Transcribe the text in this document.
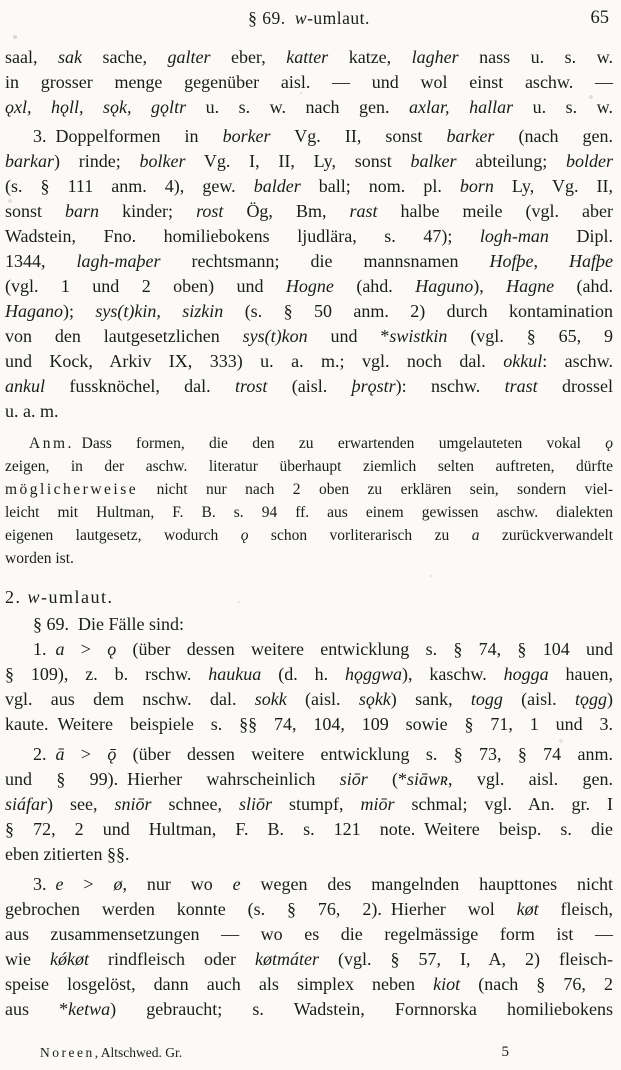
§ 69. w-umlaut.	65
saal, sak sache, galter eber, katter katze, lagher nass u. s. w.
in grosser menge gegenüber aisl. — und wol einst aschw. —
ǫxl, hǫll, sǫk, gǫltr u. s. w. nach gen. axlar, hallar u. s. w.
3. Doppelformen in borker Vg. II, sonst barker (nach gen.
barkar) rinde; bolker Vg. I, II, Ly, sonst balker abteilung; bolder
(s. § 111 anm. 4), gew. balder ball; nom. pl. born Ly, Vg. II,
sonst barn kinder; rost Ög, Bm, rast halbe meile (vgl. aber
Wadstein, Fno. homiliebokens ljudlära, s. 47); logh-man Dipl.
1344, lagh-maþer rechtsmann; die mannsnamen Hofþe, Hafþe
(vgl. 1 und 2 oben) und Hogne (ahd. Haguno), Hagne (ahd.
Hagano); sys(t)kin, sizkin (s. § 50 anm. 2) durch kontamination
von den lautgesetzlichen sys(t)kon und *swistkin (vgl. § 65, 9
und Kock, Arkiv IX, 333) u. a. m.; vgl. noch dal. okkul: aschw.
ankul fussknöchel, dal. trost (aisl. þrǫstr): nschw. trast drossel
u. a. m.
Anm. Dass formen, die den zu erwartenden umgelauteten vokal ǫ
zeigen, in der aschw. literatur überhaupt ziemlich selten auftreten, dürfte
möglicherweise nicht nur nach 2 oben zu erklären sein, sondern viel-
leicht mit Hultman, F. B. s. 94 ff. aus einem gewissen aschw. dialekten
eigenen lautgesetz, wodurch ǫ schon vorliterarisch zu a zurückverwandelt
worden ist.
2. w-umlaut.
§ 69. Die Fälle sind:
1. a > ǫ (über dessen weitere entwicklung s. § 74, § 104 und
§ 109), z. b. rschw. haukua (d. h. hǫggwa), kaschw. hogga hauen,
vgl. aus dem nschw. dal. sokk (aisl. sǫkk) sank, togg (aisl. tǫgg)
kaute. Weitere beispiele s. §§ 74, 104, 109 sowie § 71, 1 und 3.
2. ā > ǭ (über dessen weitere entwicklung s. § 73, § 74 anm.
und § 99). Hierher wahrscheinlich siōr (*siāwʀ, vgl. aisl. gen.
siáfar) see, sniōr schnee, sliōr stumpf, miōr schmal; vgl. An. gr. I
§ 72, 2 und Hultman, F. B. s. 121 note. Weitere beisp. s. die
eben zitierten §§.
3. e > ø, nur wo e wegen des mangelnden haupttones nicht
gebrochen werden konnte (s. § 76, 2). Hierher wol køt fleisch,
aus zusammensetzungen — wo es die regelmässige form ist —
wie kǿkøt rindfleisch oder køtmáter (vgl. § 57, I, A, 2) fleisch-
speise losgelöst, dann auch als simplex neben kiot (nach § 76, 2
aus *ketwa) gebraucht; s. Wadstein, Fornnorska homiliebokens
Noreen, Altschwed. Gr.	5
